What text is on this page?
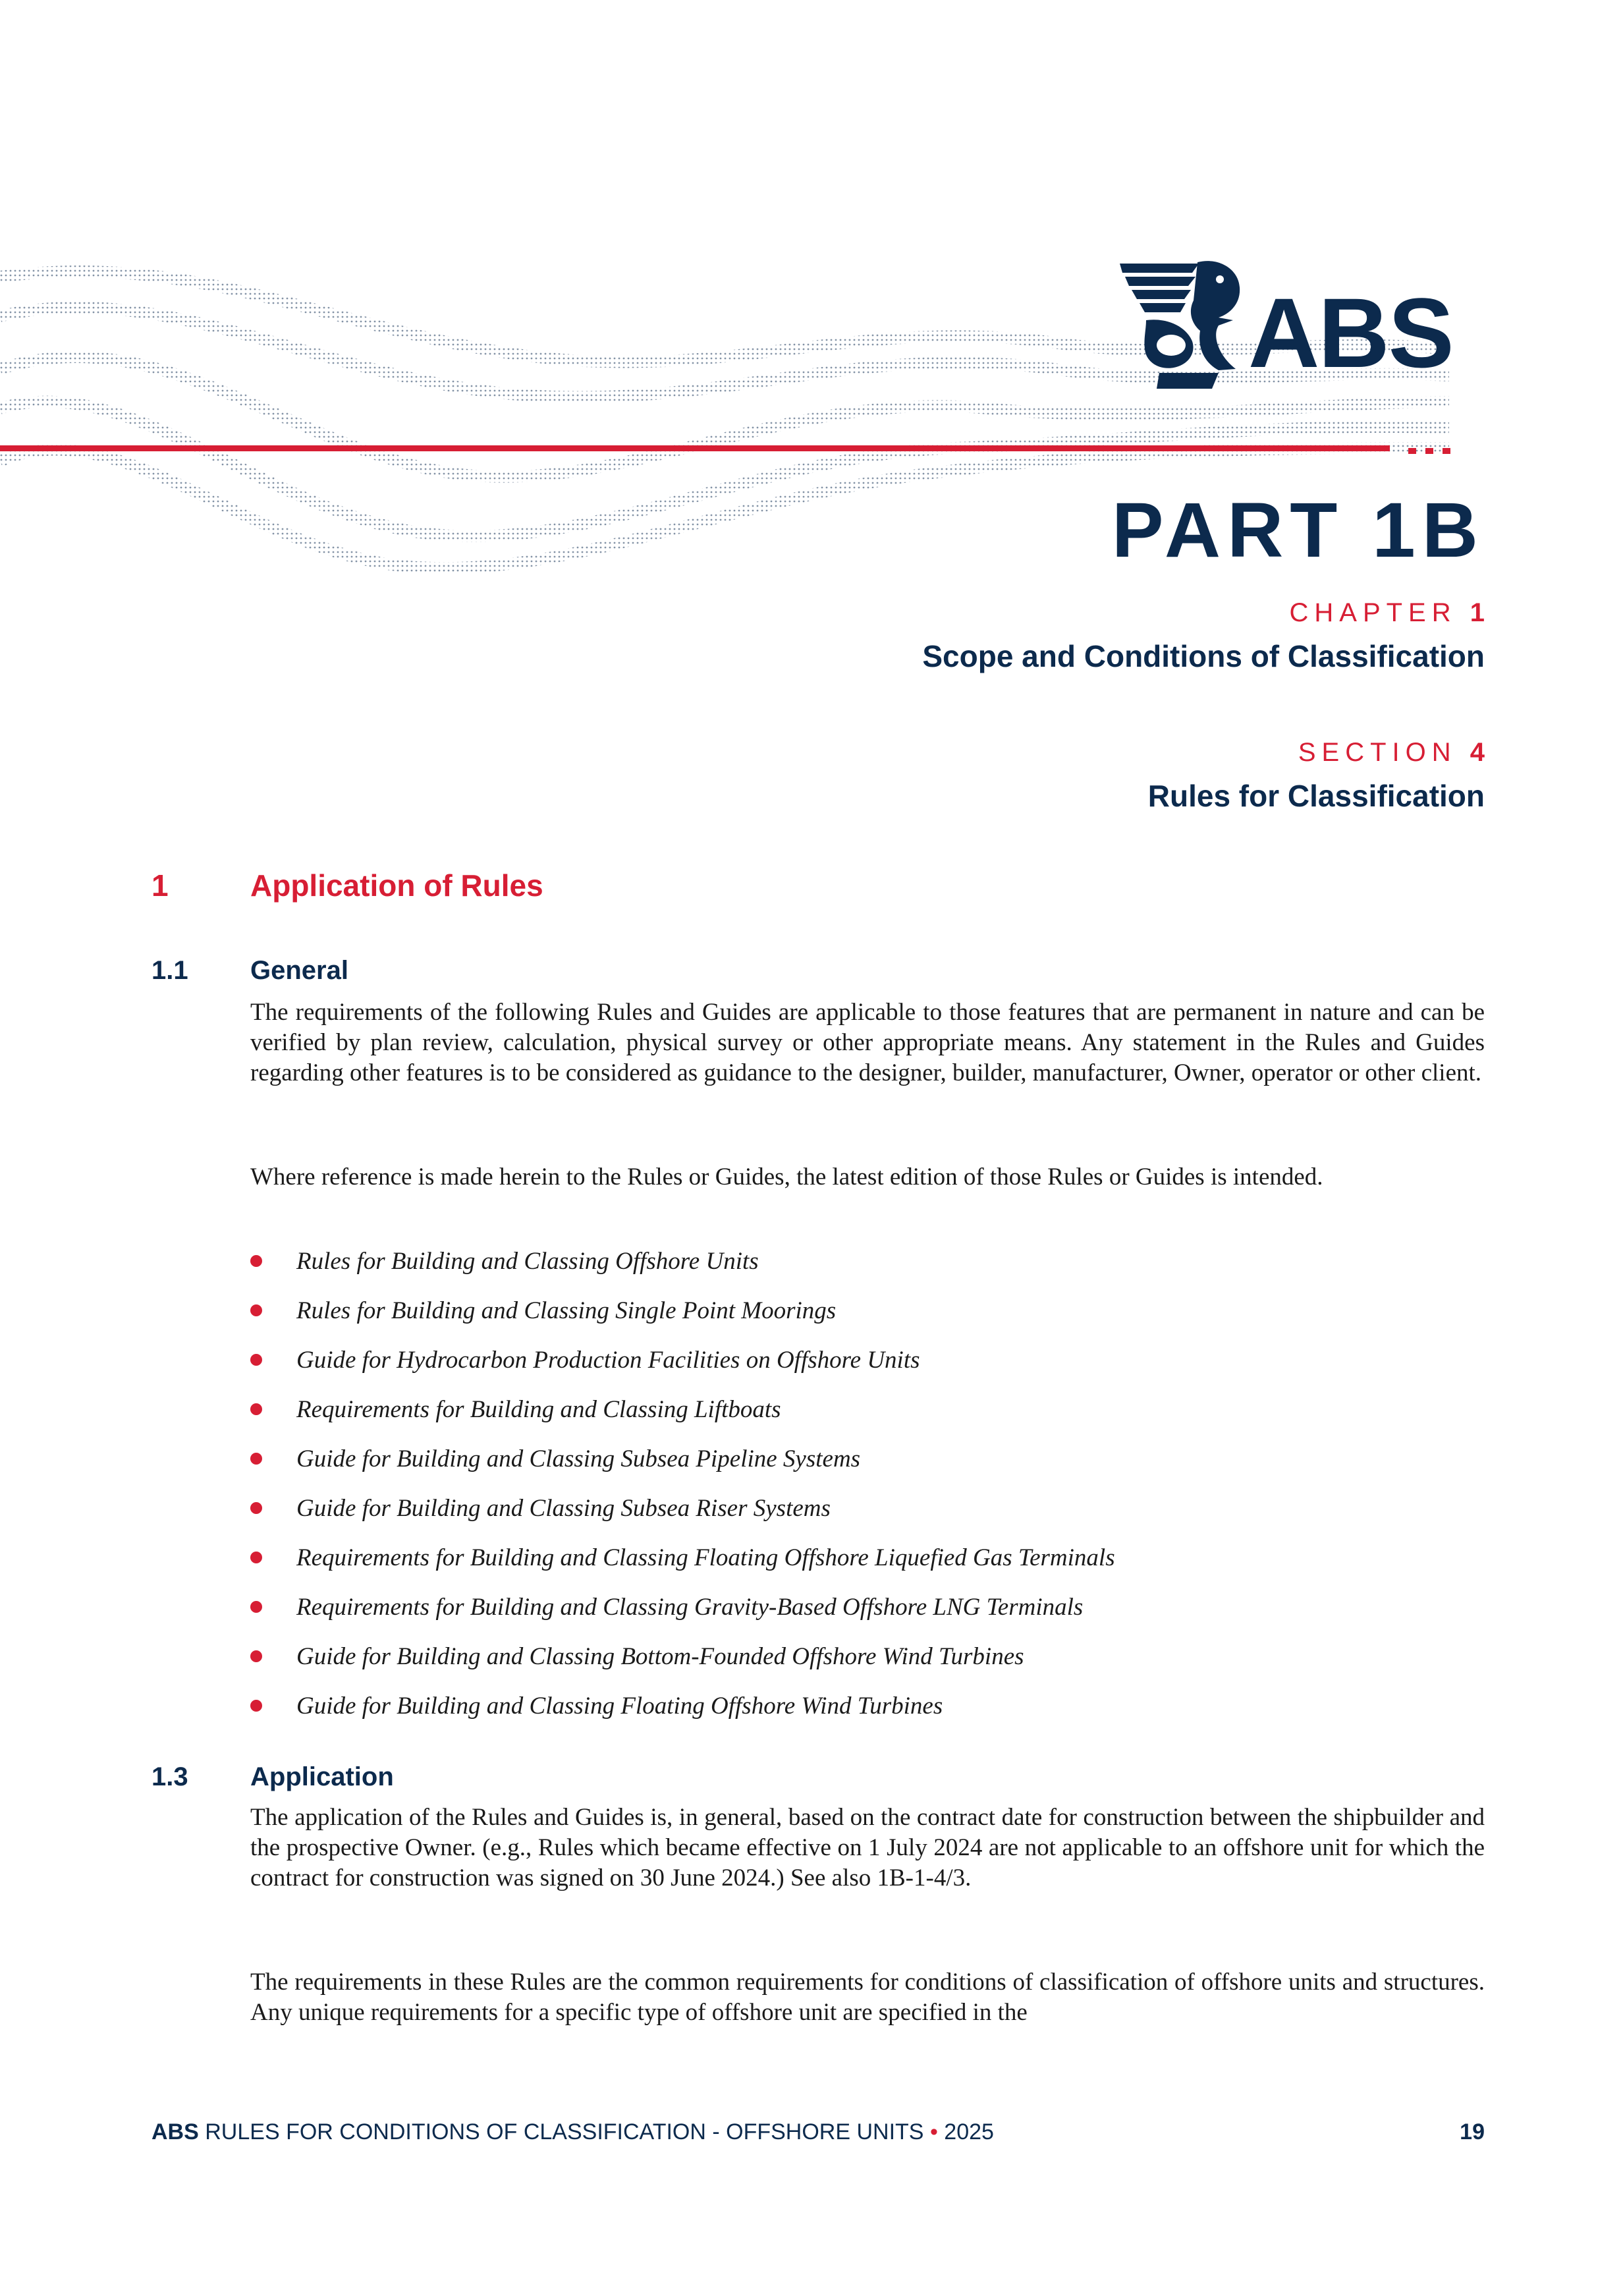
ABS
PART 1B
CHAPTER 1
Scope and Conditions of Classification
SECTION 4
Rules for Classification
1	Application of Rules
1.1 General

The requirements of the following Rules and Guides are applicable to those features that are permanent in nature and can be verified by plan review, calculation, physical survey or other appropriate means. Any statement in the Rules and Guides regarding other features is to be considered as guidance to the designer, builder, manufacturer, Owner, operator or other client.

Where reference is made herein to the Rules or Guides, the latest edition of those Rules or Guides is intended.

Rules for Building and Classing Offshore Units
Rules for Building and Classing Single Point Moorings
Guide for Hydrocarbon Production Facilities on Offshore Units
Requirements for Building and Classing Liftboats
Guide for Building and Classing Subsea Pipeline Systems
Guide for Building and Classing Subsea Riser Systems
Requirements for Building and Classing Floating Offshore Liquefied Gas Terminals
Requirements for Building and Classing Gravity-Based Offshore LNG Terminals
Guide for Building and Classing Bottom-Founded Offshore Wind Turbines
Guide for Building and Classing Floating Offshore Wind Turbines
1.3 Application

The application of the Rules and Guides is, in general, based on the contract date for construction between the shipbuilder and the prospective Owner. (e.g., Rules which became effective on 1 July 2024 are not applicable to an offshore unit for which the contract for construction was signed on 30 June 2024.) See also 1B-1-4/3.

The requirements in these Rules are the common requirements for conditions of classification of offshore units and structures. Any unique requirements for a specific type of offshore unit are specified in the

ABS RULES FOR CONDITIONS OF CLASSIFICATION - OFFSHORE UNITS • 2025	19
